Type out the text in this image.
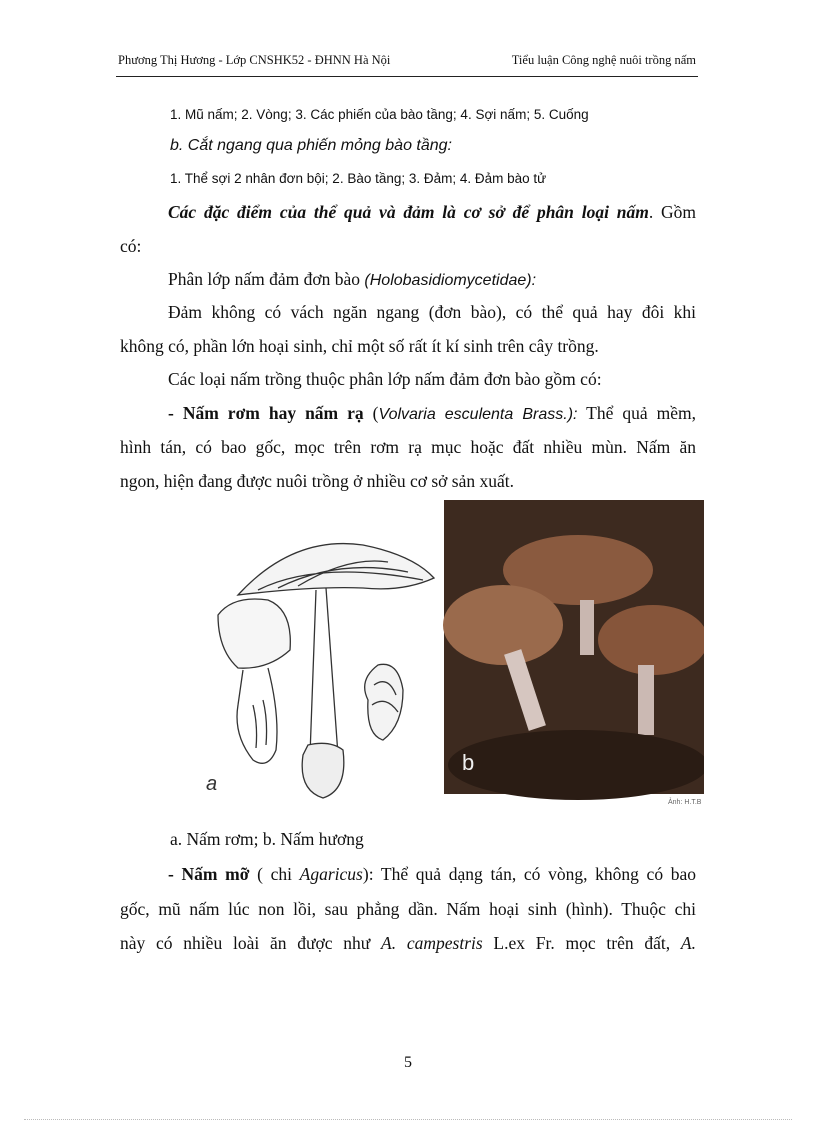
Phương Thị Hương - Lớp CNSHK52 - ĐHNN Hà Nội	Tiểu luận Công nghệ nuôi trồng nấm
1. Mũ nấm; 2. Vòng; 3. Các phiến của bào tầng; 4. Sợi nấm; 5. Cuống
b. Cắt ngang qua phiến mỏng bào tầng:
1. Thể sợi 2 nhân đơn bội; 2. Bào tầng; 3. Đảm; 4. Đảm bào tử
Các đặc điểm của thể quả và đảm là cơ sở để phân loại nấm. Gồm
có:
Phân lớp nấm đảm đơn bào (Holobasidiomycetidae):
Đảm không có vách ngăn ngang (đơn bào), có thể quả hay đôi khi
không có, phần lớn hoại sinh, chỉ một số rất ít kí sinh trên cây trồng.
Các loại nấm trồng thuộc phân lớp nấm đảm đơn bào gồm có:
- Nấm rơm hay nấm rạ (Volvaria esculenta Brass.): Thể quả mềm,
hình tán, có bao gốc, mọc trên rơm rạ mục hoặc đất nhiều mùn. Nấm ăn
ngon, hiện đang được nuôi trồng ở nhiều cơ sở sản xuất.
a
b
Ảnh: H.T.B
a. Nấm rơm; b. Nấm hương
- Nấm mỡ ( chi Agaricus): Thể quả dạng tán, có vòng, không có bao
gốc, mũ nấm lúc non lồi, sau phẳng dần. Nấm hoại sinh (hình). Thuộc chi
này có nhiều loài ăn được như A. campestris L.ex Fr. mọc trên đất, A.
5
